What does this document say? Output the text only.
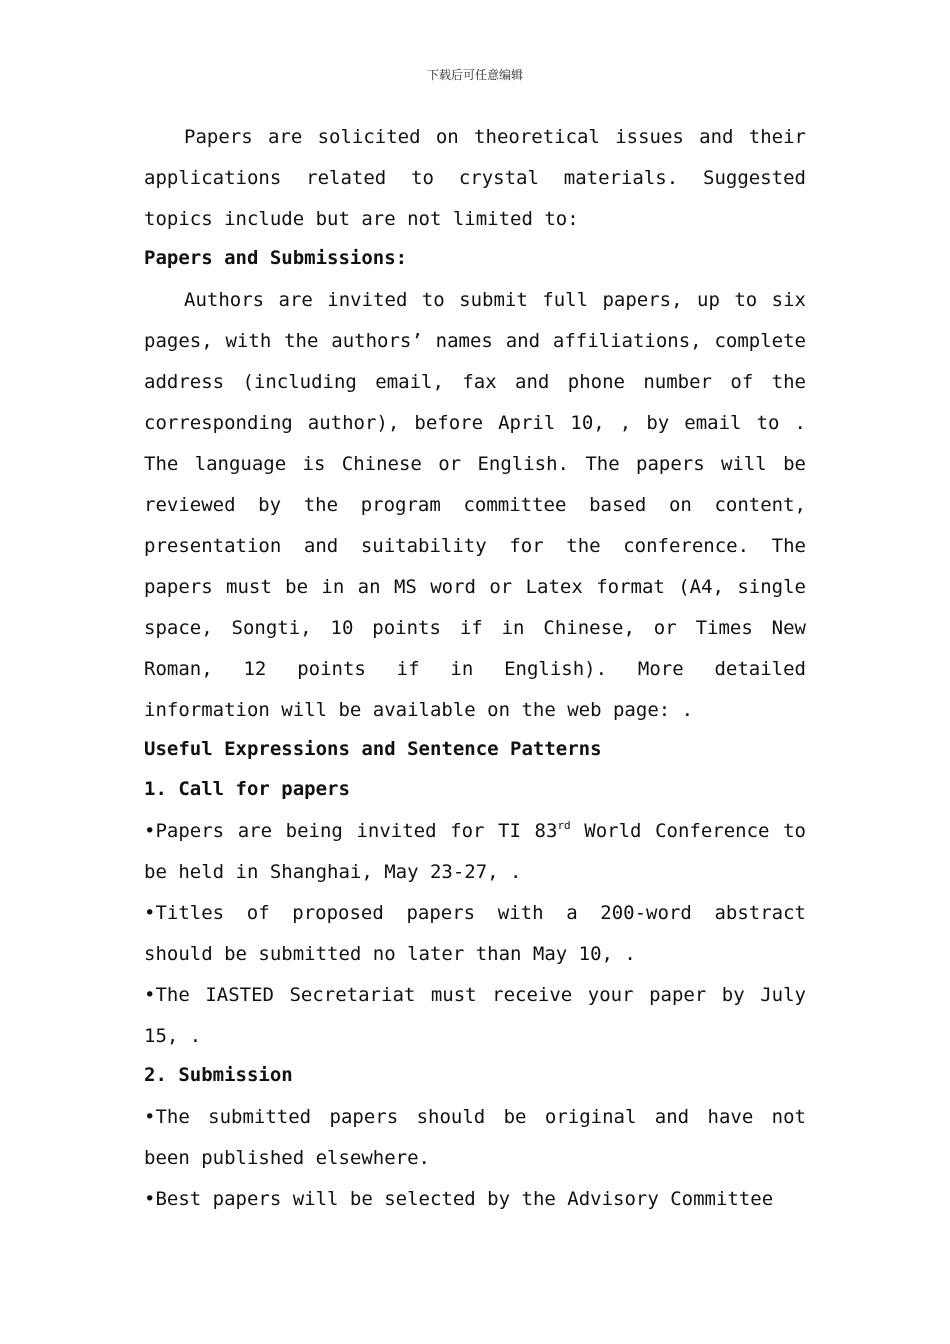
下载后可任意编辑

Papers are solicited on theoretical issues and their applications related to crystal materials. Suggested topics include but are not limited to:

Papers and Submissions:

Authors are invited to submit full papers, up to six pages, with the authors’ names and affiliations, complete address (including email, fax and phone number of the corresponding author), before April 10, , by email to . The language is Chinese or English. The papers will be reviewed by the program committee based on content, presentation and suitability for the conference. The papers must be in an MS word or Latex format (A4, single space, Songti, 10 points if in Chinese, or Times New Roman, 12 points if in English). More detailed information will be available on the web page: .

Useful Expressions and Sentence Patterns

1. Call for papers

•Papers are being invited for TI 83rd World Conference to be held in Shanghai, May 23-27, .

•Titles of proposed papers with a 200-word abstract should be submitted no later than May 10, .

•The IASTED Secretariat must receive your paper by July 15, .

2. Submission

•The submitted papers should be original and have not been published elsewhere.

•Best papers will be selected by the Advisory Committee
